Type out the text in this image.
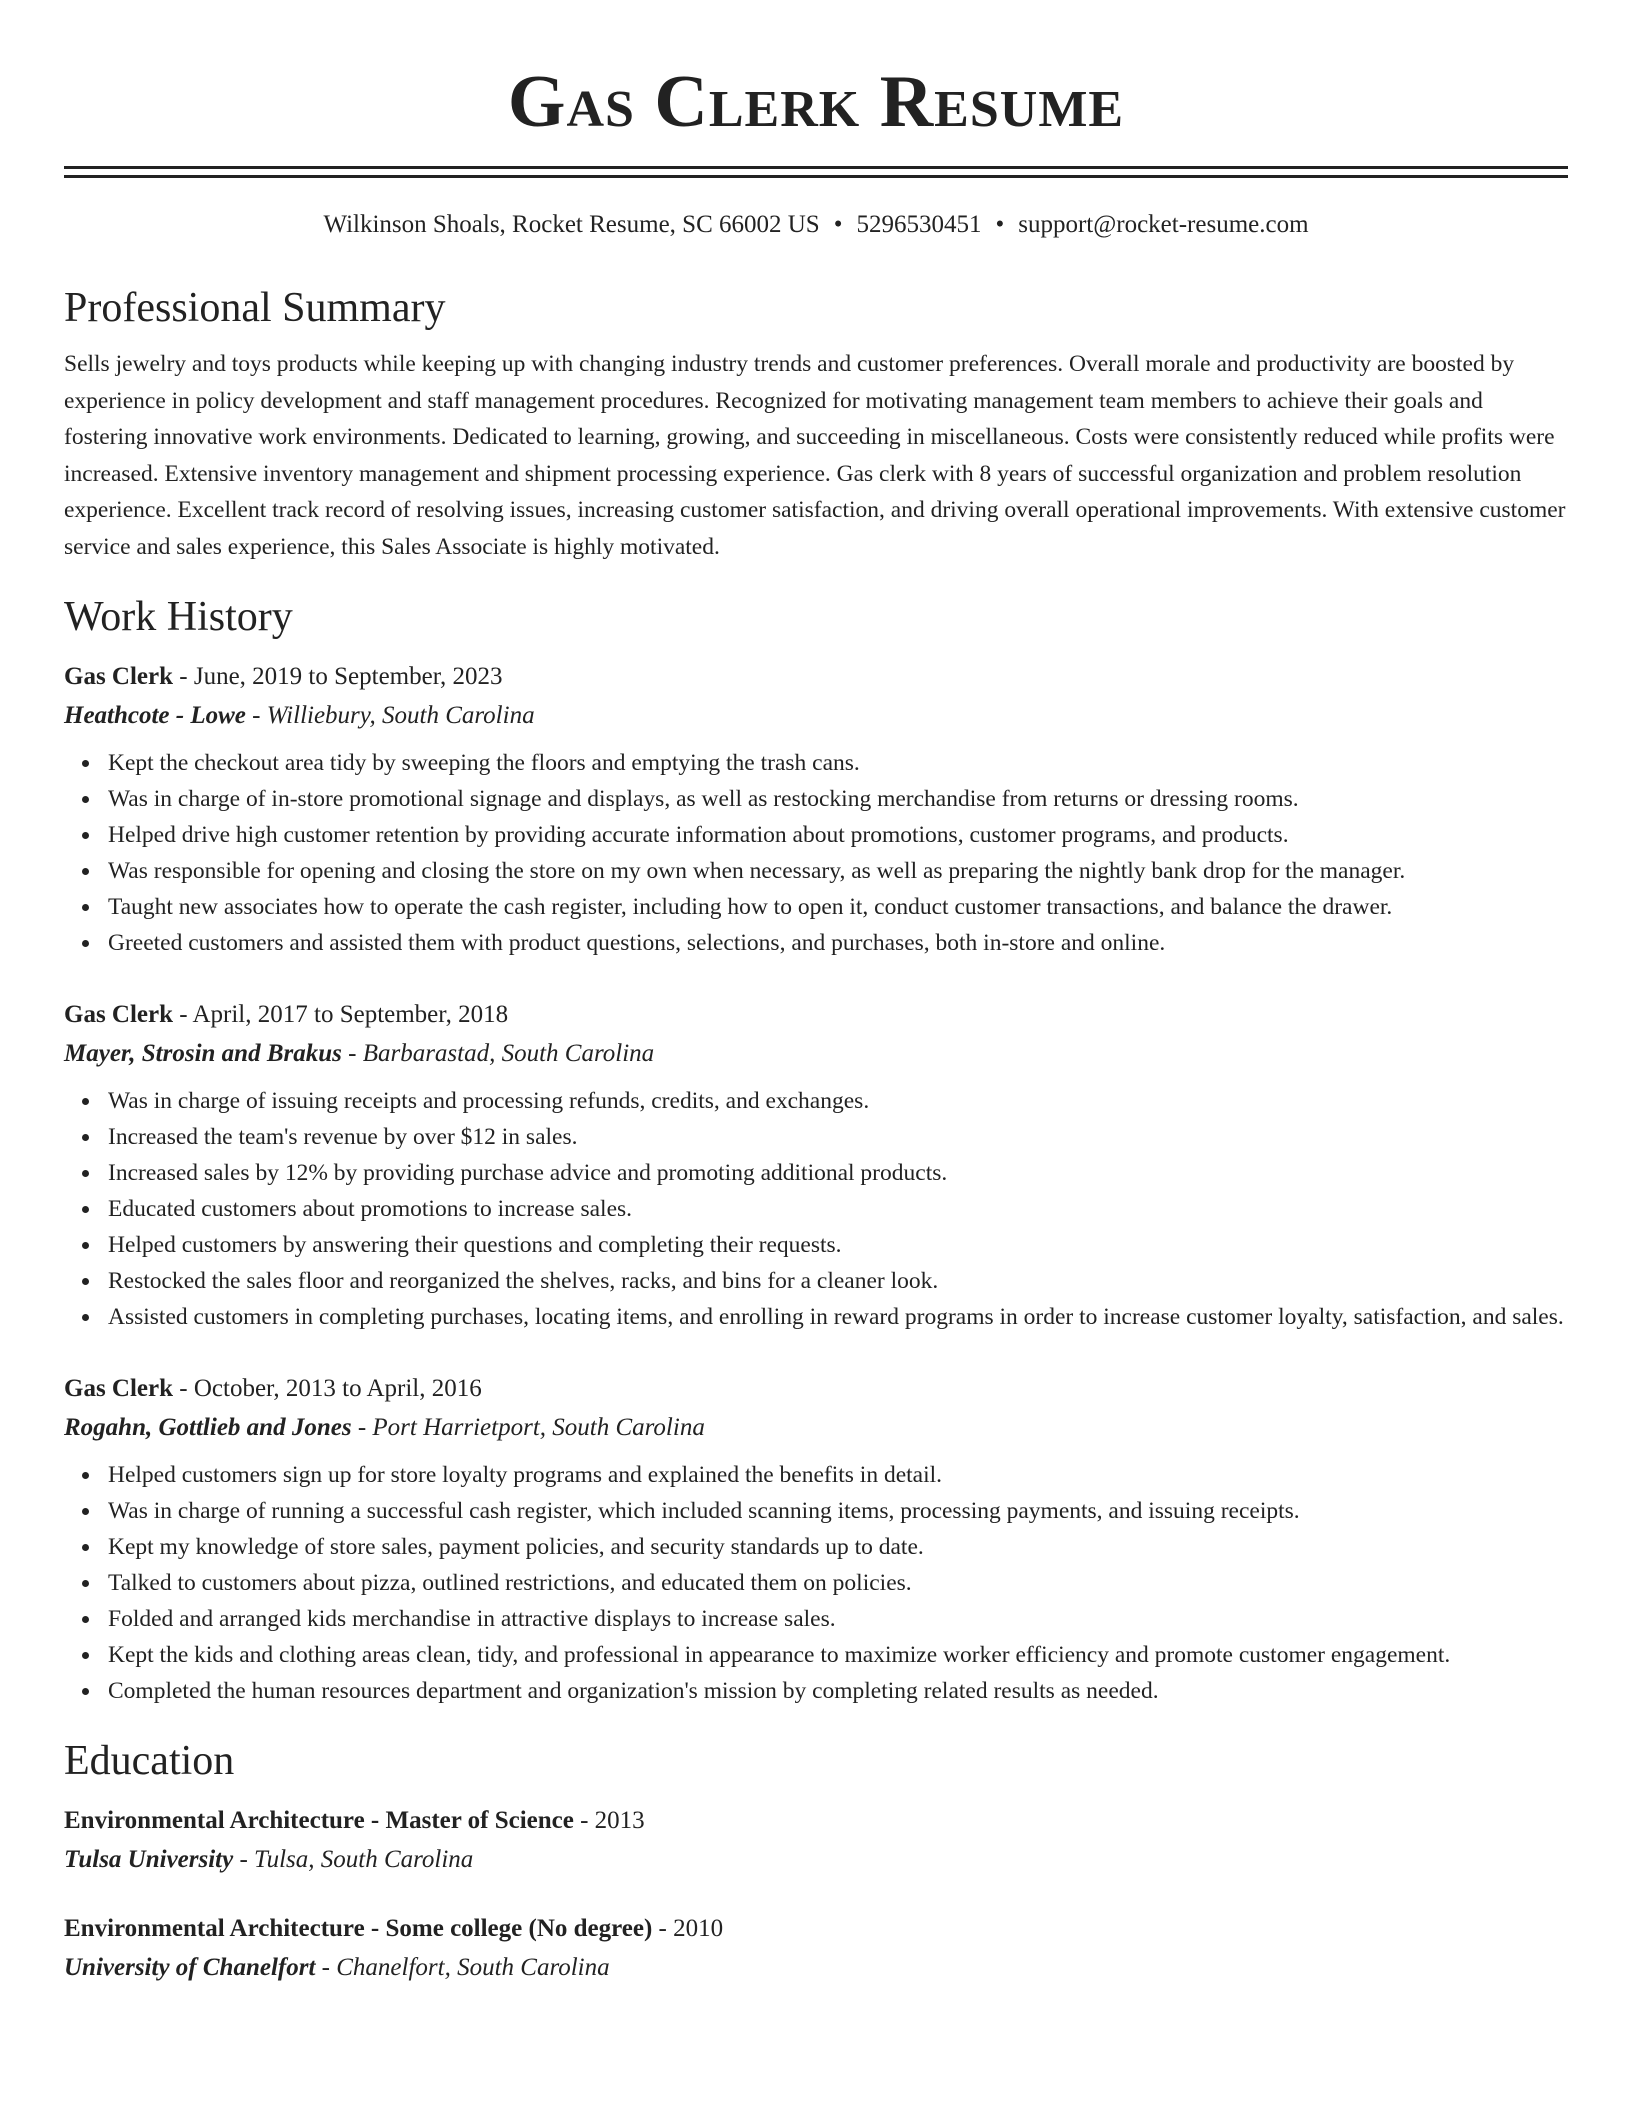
Gas Clerk Resume
Wilkinson Shoals, Rocket Resume, SC 66002 US • 5296530451 • support@rocket-resume.com
Professional Summary
Sells jewelry and toys products while keeping up with changing industry trends and customer preferences. Overall morale and productivity are boosted by experience in policy development and staff management procedures. Recognized for motivating management team members to achieve their goals and fostering innovative work environments. Dedicated to learning, growing, and succeeding in miscellaneous. Costs were consistently reduced while profits were increased. Extensive inventory management and shipment processing experience. Gas clerk with 8 years of successful organization and problem resolution experience. Excellent track record of resolving issues, increasing customer satisfaction, and driving overall operational improvements. With extensive customer service and sales experience, this Sales Associate is highly motivated.
Work History
Gas Clerk - June, 2019 to September, 2023
Heathcote - Lowe - Williebury, South Carolina
Kept the checkout area tidy by sweeping the floors and emptying the trash cans.
Was in charge of in-store promotional signage and displays, as well as restocking merchandise from returns or dressing rooms.
Helped drive high customer retention by providing accurate information about promotions, customer programs, and products.
Was responsible for opening and closing the store on my own when necessary, as well as preparing the nightly bank drop for the manager.
Taught new associates how to operate the cash register, including how to open it, conduct customer transactions, and balance the drawer.
Greeted customers and assisted them with product questions, selections, and purchases, both in-store and online.
Gas Clerk - April, 2017 to September, 2018
Mayer, Strosin and Brakus - Barbarastad, South Carolina
Was in charge of issuing receipts and processing refunds, credits, and exchanges.
Increased the team's revenue by over $12 in sales.
Increased sales by 12% by providing purchase advice and promoting additional products.
Educated customers about promotions to increase sales.
Helped customers by answering their questions and completing their requests.
Restocked the sales floor and reorganized the shelves, racks, and bins for a cleaner look.
Assisted customers in completing purchases, locating items, and enrolling in reward programs in order to increase customer loyalty, satisfaction, and sales.
Gas Clerk - October, 2013 to April, 2016
Rogahn, Gottlieb and Jones - Port Harrietport, South Carolina
Helped customers sign up for store loyalty programs and explained the benefits in detail.
Was in charge of running a successful cash register, which included scanning items, processing payments, and issuing receipts.
Kept my knowledge of store sales, payment policies, and security standards up to date.
Talked to customers about pizza, outlined restrictions, and educated them on policies.
Folded and arranged kids merchandise in attractive displays to increase sales.
Kept the kids and clothing areas clean, tidy, and professional in appearance to maximize worker efficiency and promote customer engagement.
Completed the human resources department and organization's mission by completing related results as needed.
Education
Environmental Architecture - Master of Science - 2013
Tulsa University - Tulsa, South Carolina
Environmental Architecture - Some college (No degree) - 2010
University of Chanelfort - Chanelfort, South Carolina
